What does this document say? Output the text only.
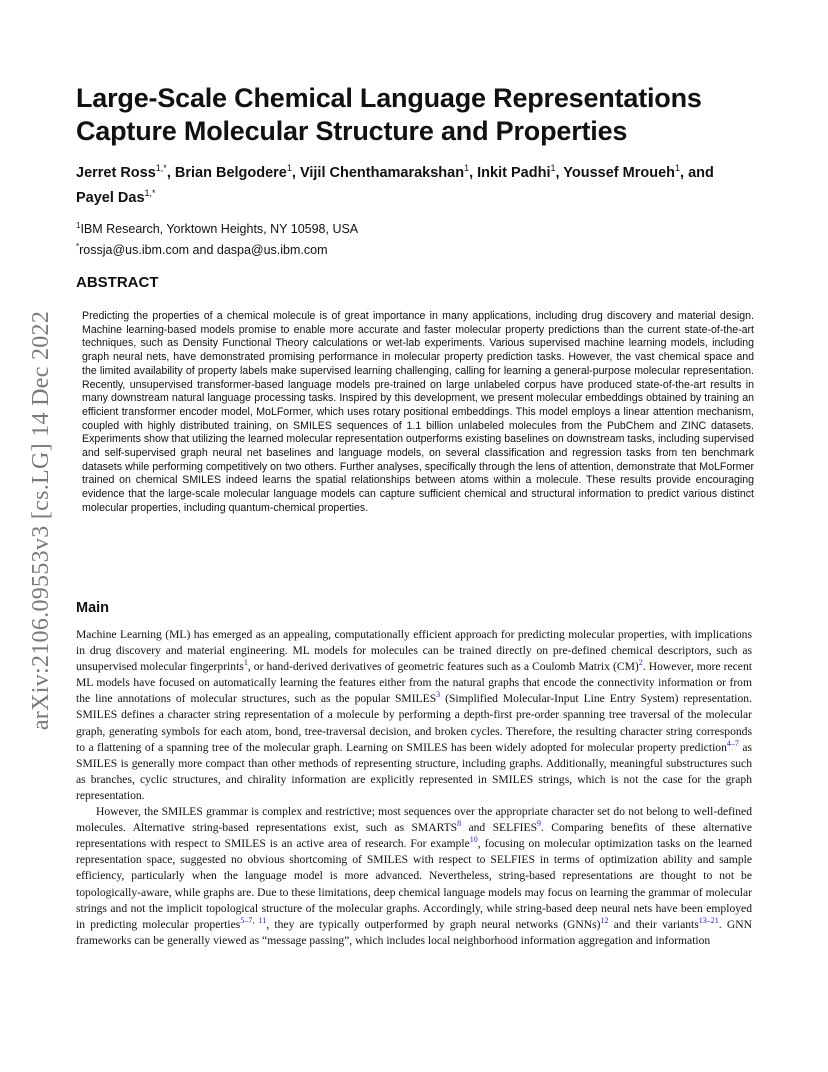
arXiv:2106.09553v3 [cs.LG] 14 Dec 2022
Large-Scale Chemical Language Representations Capture Molecular Structure and Properties

Jerret Ross$^{1,*}$, Brian Belgodere$^1$, Vijil Chenthamarakshan$^1$, Inkit Padhi$^1$, Youssef Mroueh$^1$, and Payel Das$^{1,*}$

$^1$IBM Research, Yorktown Heights, NY 10598, USA
*rossja@us.ibm.com and daspa@us.ibm.com
ABSTRACT

Predicting the properties of a chemical molecule is of great importance in many applications, including drug discovery and material design. Machine learning-based models promise to enable more accurate and faster molecular property predictions than the current state-of-the-art techniques, such as Density Functional Theory calculations or wet-lab experiments. Various supervised machine learning models, including graph neural nets, have demonstrated promising performance in molecular property prediction tasks. However, the vast chemical space and the limited availability of property labels make supervised learning challenging, calling for learning a general-purpose molecular representation. Recently, unsupervised transformer-based language models pre-trained on large unlabeled corpus have produced state-of-the-art results in many downstream natural language processing tasks. Inspired by this development, we present molecular embeddings obtained by training an efficient transformer encoder model, MoLFormer, which uses rotary positional embeddings. This model employs a linear attention mechanism, coupled with highly distributed training, on SMILES sequences of 1.1 billion unlabeled molecules from the PubChem and ZINC datasets. Experiments show that utilizing the learned molecular representation outperforms existing baselines on downstream tasks, including supervised and self-supervised graph neural net baselines and language models, on several classification and regression tasks from ten benchmark datasets while performing competitively on two others. Further analyses, specifically through the lens of attention, demonstrate that MoLFormer trained on chemical SMILES indeed learns the spatial relationships between atoms within a molecule. These results provide encouraging evidence that the large-scale molecular language models can capture sufficient chemical and structural information to predict various distinct molecular properties, including quantum-chemical properties.

Main

Machine Learning (ML) has emerged as an appealing, computationally efficient approach for predicting molecular properties, with implications in drug discovery and material engineering. ML models for molecules can be trained directly on pre-defined chemical descriptors, such as unsupervised molecular fingerprints$^1$, or hand-derived derivatives of geometric features such as a Coulomb Matrix (CM)$^2$. However, more recent ML models have focused on automatically learning the features either from the natural graphs that encode the connectivity information or from the line annotations of molecular structures, such as the popular SMILES$^3$ (Simplified Molecular-Input Line Entry System) representation. SMILES defines a character string representation of a molecule by performing a depth-first pre-order spanning tree traversal of the molecular graph, generating symbols for each atom, bond, tree-traversal decision, and broken cycles. Therefore, the resulting character string corresponds to a flattening of a spanning tree of the molecular graph. Learning on SMILES has been widely adopted for molecular property prediction$^{4-7}$ as SMILES is generally more compact than other methods of representing structure, including graphs. Additionally, meaningful substructures such as branches, cyclic structures, and chirality information are explicitly represented in SMILES strings, which is not the case for the graph representation.

However, the SMILES grammar is complex and restrictive; most sequences over the appropriate character set do not belong to well-defined molecules. Alternative string-based representations exist, such as SMARTS$^8$ and SELFIES$^9$. Comparing benefits of these alternative representations with respect to SMILES is an active area of research. For example$^{10}$, focusing on molecular optimization tasks on the learned representation space, suggested no obvious shortcoming of SMILES with respect to SELFIES in terms of optimization ability and sample efficiency, particularly when the language model is more advanced. Nevertheless, string-based representations are thought to not be topologically-aware, while graphs are. Due to these limitations, deep chemical language models may focus on learning the grammar of molecular strings and not the implicit topological structure of the molecular graphs. Accordingly, while string-based deep neural nets have been employed in predicting molecular properties$^{5-7, 11}$, they are typically outperformed by graph neural networks (GNNs)$^{12}$ and their variants$^{13-21}$. GNN frameworks can be generally viewed as “message passing”, which includes local neighborhood information aggregation and information
